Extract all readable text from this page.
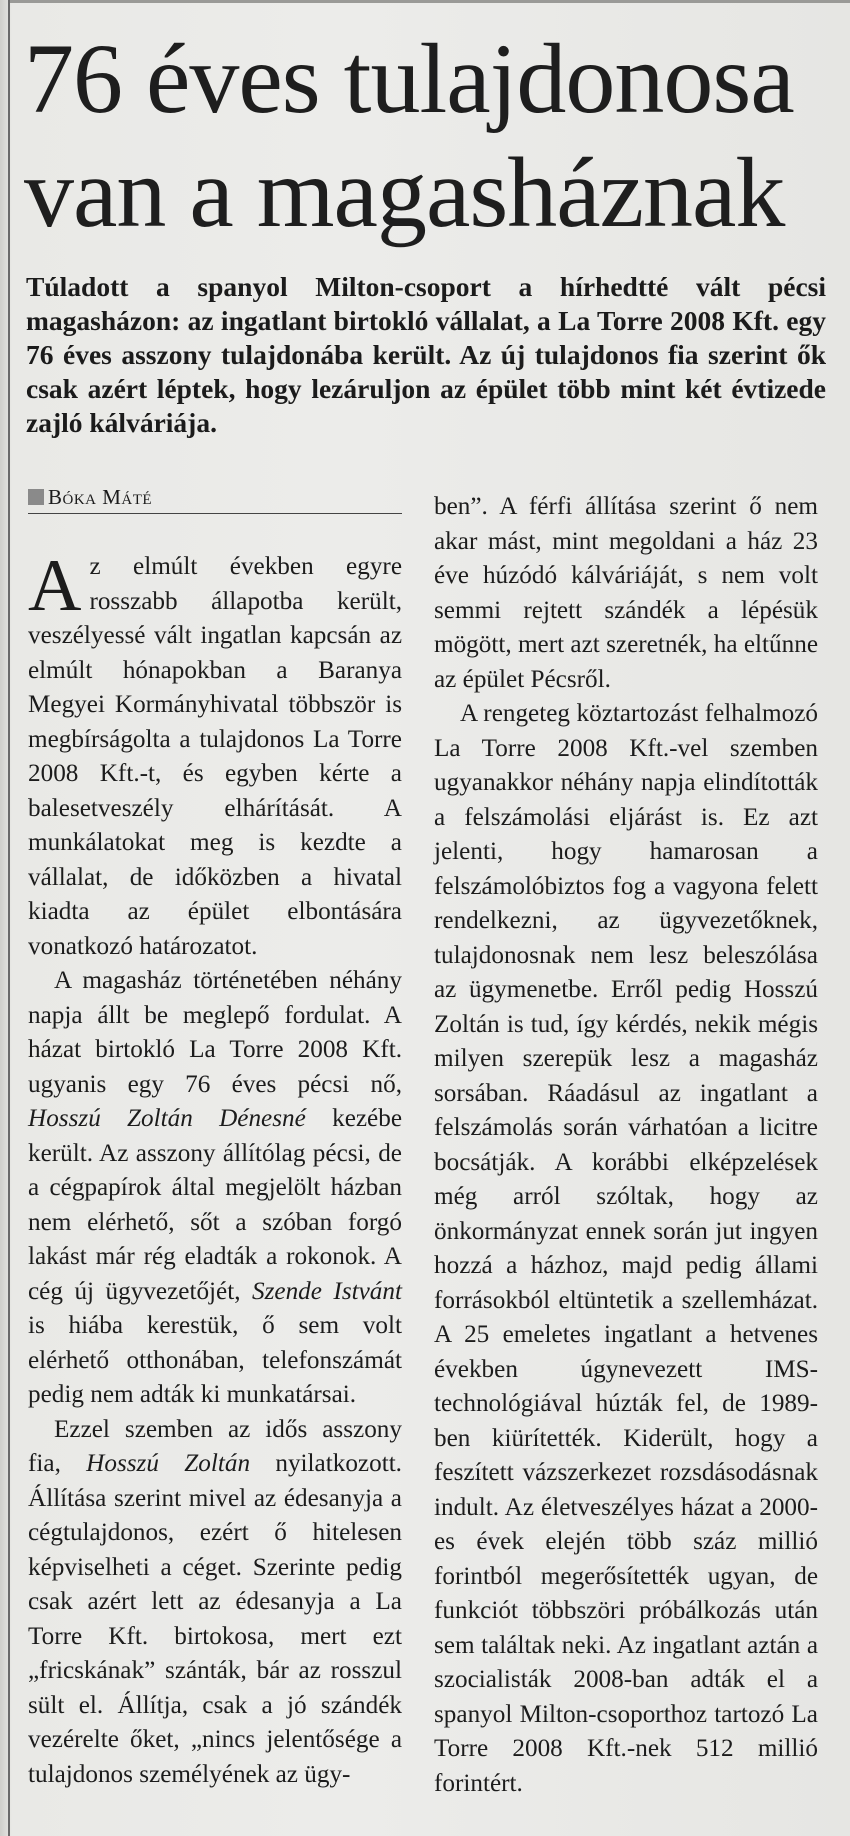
76 éves tulajdonosa van a magasháznak

Túladott a spanyol Milton-csoport a hírhedtté vált pécsi magasházon: az ingatlant birtokló vállalat, a La Torre 2008 Kft. egy 76 éves asszony tulajdonába került. Az új tulajdonos fia szerint ők csak azért léptek, hogy lezáruljon az épület több mint két évtizede zajló kálváriája.

Bóka Máté

Az elmúlt években egyre rosszabb állapotba került, veszélyessé vált ingatlan kapcsán az elmúlt hónapokban a Baranya Megyei Kormányhivatal többször is megbírságolta a tulajdonos La Torre 2008 Kft.-t, és egyben kérte a balesetveszély elhárítását. A munkálatokat meg is kezdte a vállalat, de időközben a hivatal kiadta az épület elbontására vonatkozó határozatot.

A magasház történetében néhány napja állt be meglepő fordulat. A házat birtokló La Torre 2008 Kft. ugyanis egy 76 éves pécsi nő, Hosszú Zoltán Dénesné kezébe került. Az asszony állítólag pécsi, de a cégpapírok által megjelölt házban nem elérhető, sőt a szóban forgó lakást már rég eladták a rokonok. A cég új ügyvezetőjét, Szende Istvánt is hiába kerestük, ő sem volt elérhető otthonában, telefonszámát pedig nem adták ki munkatársai.

Ezzel szemben az idős asszony fia, Hosszú Zoltán nyilatkozott. Állítása szerint mivel az édesanyja a cégtulajdonos, ezért ő hitelesen képviselheti a céget. Szerinte pedig csak azért lett az édesanyja a La Torre Kft. birtokosa, mert ezt „fricskának” szánták, bár az rosszul sült el. Állítja, csak a jó szándék vezérelte őket, „nincs jelentősége a tulajdonos személyének az ügy-

ben”. A férfi állítása szerint ő nem akar mást, mint megoldani a ház 23 éve húzódó kálváriáját, s nem volt semmi rejtett szándék a lépésük mögött, mert azt szeretnék, ha eltűnne az épület Pécsről.

A rengeteg köztartozást felhalmozó La Torre 2008 Kft.-vel szemben ugyanakkor néhány napja elindították a felszámolási eljárást is. Ez azt jelenti, hogy hamarosan a felszámolóbiztos fog a vagyona felett rendelkezni, az ügyvezetőknek, tulajdonosnak nem lesz beleszólása az ügymenetbe. Erről pedig Hosszú Zoltán is tud, így kérdés, nekik mégis milyen szerepük lesz a magasház sorsában. Ráadásul az ingatlant a felszámolás során várhatóan a licitre bocsátják. A korábbi elképzelések még arról szóltak, hogy az önkormányzat ennek során jut ingyen hozzá a házhoz, majd pedig állami forrásokból eltüntetik a szellemházat. A 25 emeletes ingatlant a hetvenes években úgynevezett IMS-technológiával húzták fel, de 1989-ben kiürítették. Kiderült, hogy a feszített vázszerkezet rozsdásodásnak indult. Az életveszélyes házat a 2000-es évek elején több száz millió forintból megerősítették ugyan, de funkciót többszöri próbálkozás után sem találtak neki. Az ingatlant aztán a szocialisták 2008-ban adták el a spanyol Milton-csoporthoz tartozó La Torre 2008 Kft.-nek 512 millió forintért.
